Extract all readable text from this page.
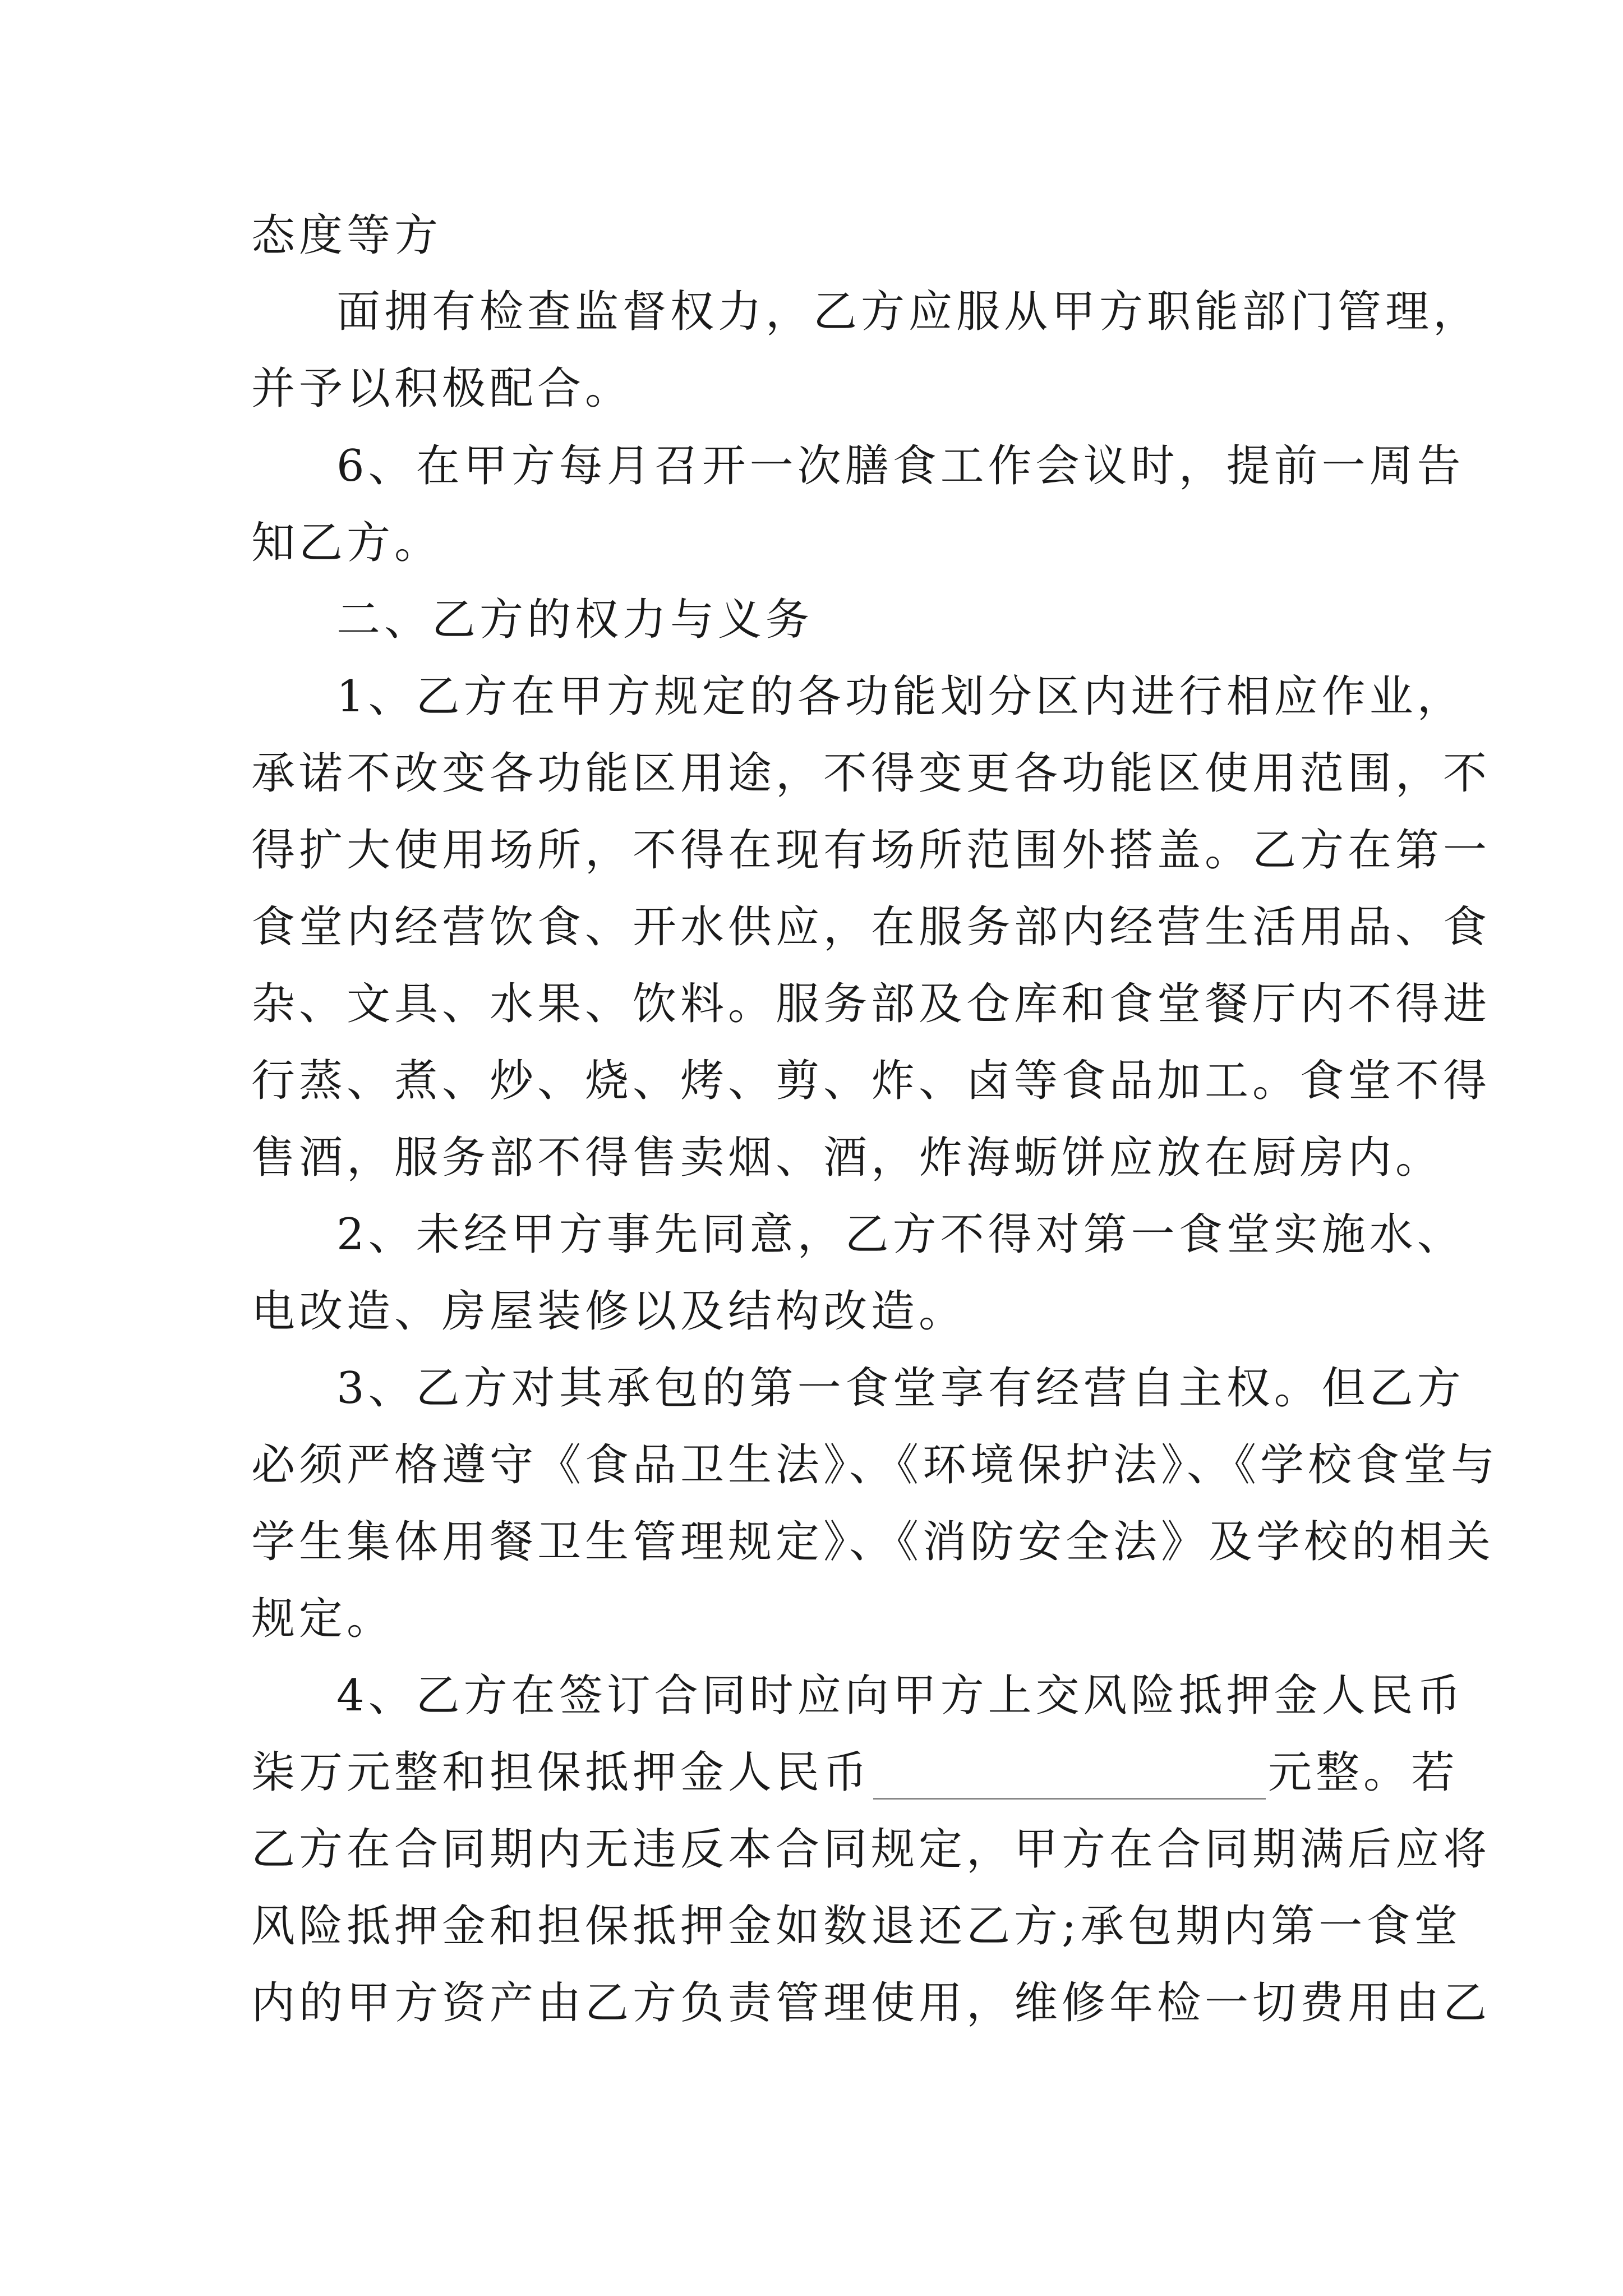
态度等方
面拥有检查监督权力，乙方应服从甲方职能部门管理，
并予以积极配合。
6、在甲方每月召开一次膳食工作会议时，提前一周告
知乙方。
二、乙方的权力与义务
1、乙方在甲方规定的各功能划分区内进行相应作业，
承诺不改变各功能区用途，不得变更各功能区使用范围，不
得扩大使用场所，不得在现有场所范围外搭盖。乙方在第一
食堂内经营饮食、开水供应，在服务部内经营生活用品、食
杂、文具、水果、饮料。服务部及仓库和食堂餐厅内不得进
行蒸、煮、炒、烧、烤、剪、炸、卤等食品加工。食堂不得
售酒，服务部不得售卖烟、酒，炸海蛎饼应放在厨房内。
2、未经甲方事先同意，乙方不得对第一食堂实施水、
电改造、房屋装修以及结构改造。
3、乙方对其承包的第一食堂享有经营自主权。但乙方
必须严格遵守《食品卫生法》、《环境保护法》、《学校食堂与
学生集体用餐卫生管理规定》、《消防安全法》及学校的相关
规定。
4、乙方在签订合同时应向甲方上交风险抵押金人民币
柒万元整和担保抵押金人民币	元整。若
乙方在合同期内无违反本合同规定，甲方在合同期满后应将
风险抵押金和担保抵押金如数退还乙方;承包期内第一食堂
内的甲方资产由乙方负责管理使用，维修年检一切费用由乙
